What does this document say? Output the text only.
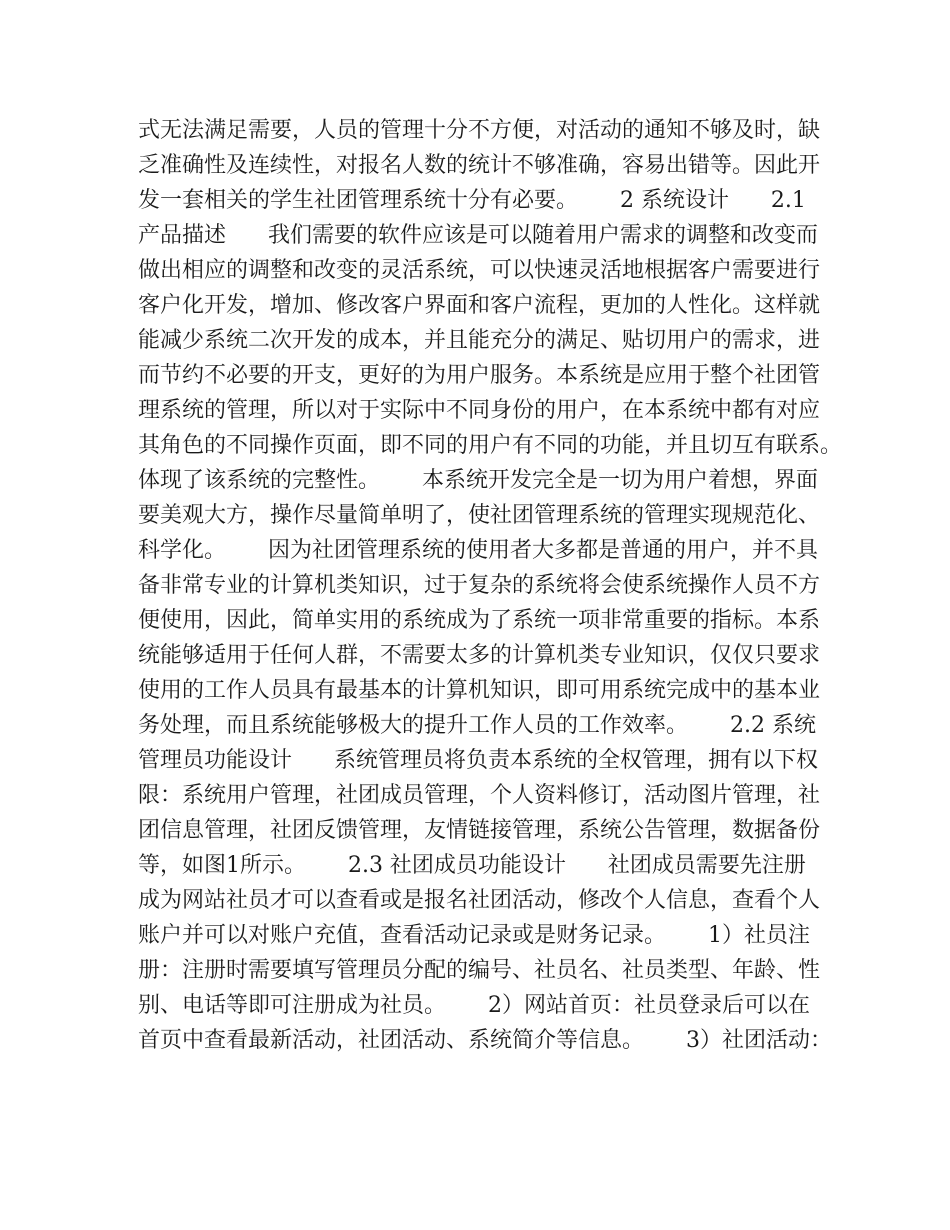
式无法满足需要，人员的管理十分不方便，对活动的通知不够及时，缺
乏准确性及连续性，对报名人数的统计不够准确，容易出错等。因此开
发一套相关的学生社团管理系统十分有必要。      2 系统设计      2.1
产品描述      我们需要的软件应该是可以随着用户需求的调整和改变而
做出相应的调整和改变的灵活系统，可以快速灵活地根据客户需要进行
客户化开发，增加、修改客户界面和客户流程，更加的人性化。这样就
能减少系统二次开发的成本，并且能充分的满足、贴切用户的需求，进
而节约不必要的开支，更好的为用户服务。本系统是应用于整个社团管
理系统的管理，所以对于实际中不同身份的用户，在本系统中都有对应
其角色的不同操作页面，即不同的用户有不同的功能，并且切互有联系。
体现了该系统的完整性。      本系统开发完全是一切为用户着想，界面
要美观大方，操作尽量简单明了，使社团管理系统的管理实现规范化、
科学化。      因为社团管理系统的使用者大多都是普通的用户，并不具
备非常专业的计算机类知识，过于复杂的系统将会使系统操作人员不方
便使用，因此，简单实用的系统成为了系统一项非常重要的指标。本系
统能够适用于任何人群，不需要太多的计算机类专业知识，仅仅只要求
使用的工作人员具有最基本的计算机知识，即可用系统完成中的基本业
务处理，而且系统能够极大的提升工作人员的工作效率。      2.2 系统
管理员功能设计      系统管理员将负责本系统的全权管理，拥有以下权
限：系统用户管理，社团成员管理，个人资料修订，活动图片管理，社
团信息管理，社团反馈管理，友情链接管理，系统公告管理，数据备份
等，如图1所示。      2.3 社团成员功能设计      社团成员需要先注册
成为网站社员才可以查看或是报名社团活动，修改个人信息，查看个人
账户并可以对账户充值，查看活动记录或是财务记录。      1）社员注
册：注册时需要填写管理员分配的编号、社员名、社员类型、年龄、性
别、电话等即可注册成为社员。      2）网站首页：社员登录后可以在
首页中查看最新活动，社团活动、系统简介等信息。      3）社团活动：
